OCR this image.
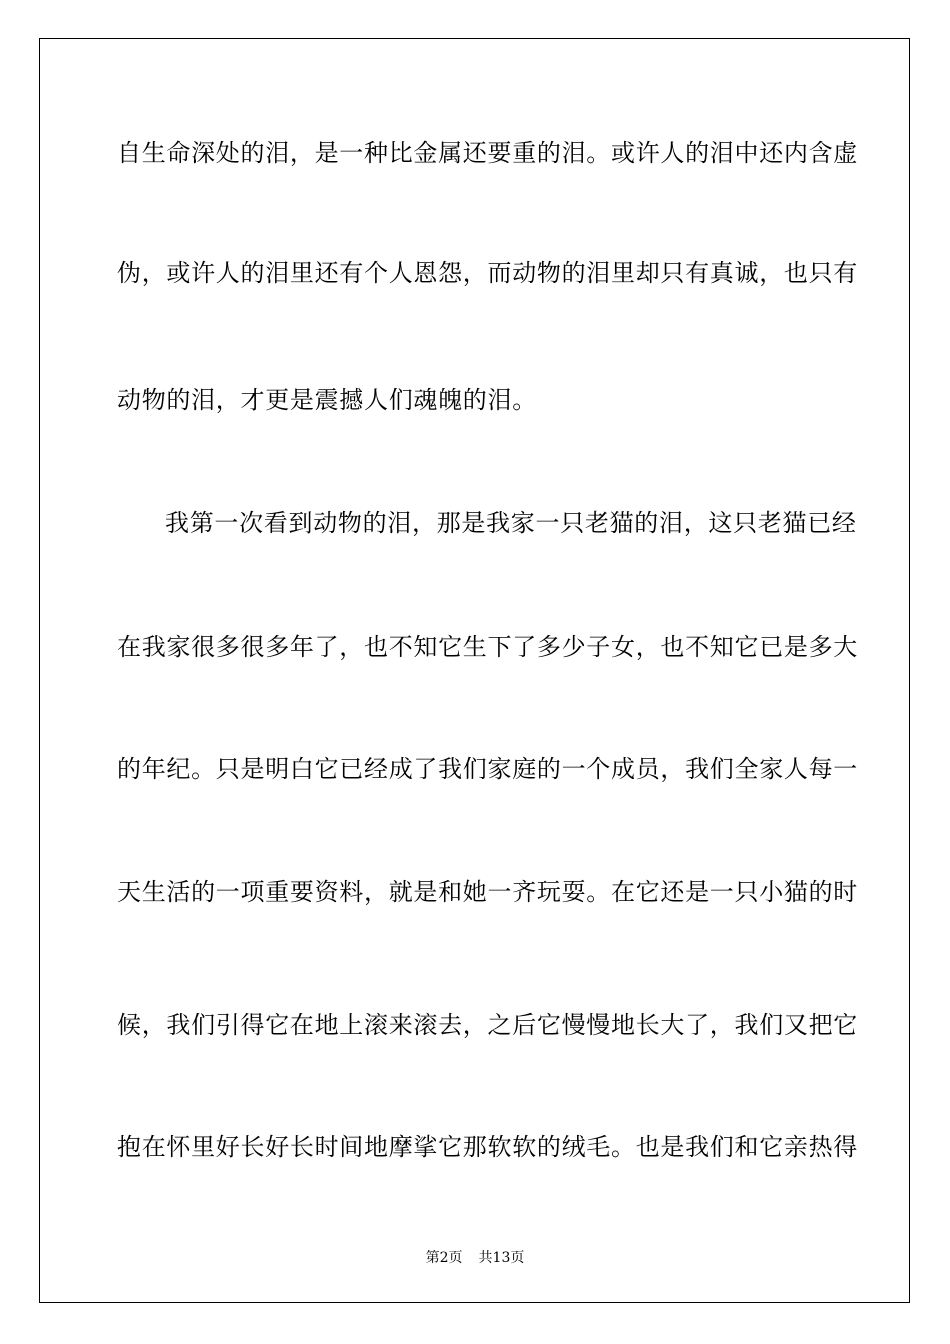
自生命深处的泪，是一种比金属还要重的泪。或许人的泪中还内含虚
伪，或许人的泪里还有个人恩怨，而动物的泪里却只有真诚，也只有
动物的泪，才更是震撼人们魂魄的泪。
我第一次看到动物的泪，那是我家一只老猫的泪，这只老猫已经
在我家很多很多年了，也不知它生下了多少子女，也不知它已是多大
的年纪。只是明白它已经成了我们家庭的一个成员，我们全家人每一
天生活的一项重要资料，就是和她一齐玩耍。在它还是一只小猫的时
候，我们引得它在地上滚来滚去，之后它慢慢地长大了，我们又把它
抱在怀里好长好长时间地摩挲它那软软的绒毛。也是我们和它亲热得
第2页 共13页
